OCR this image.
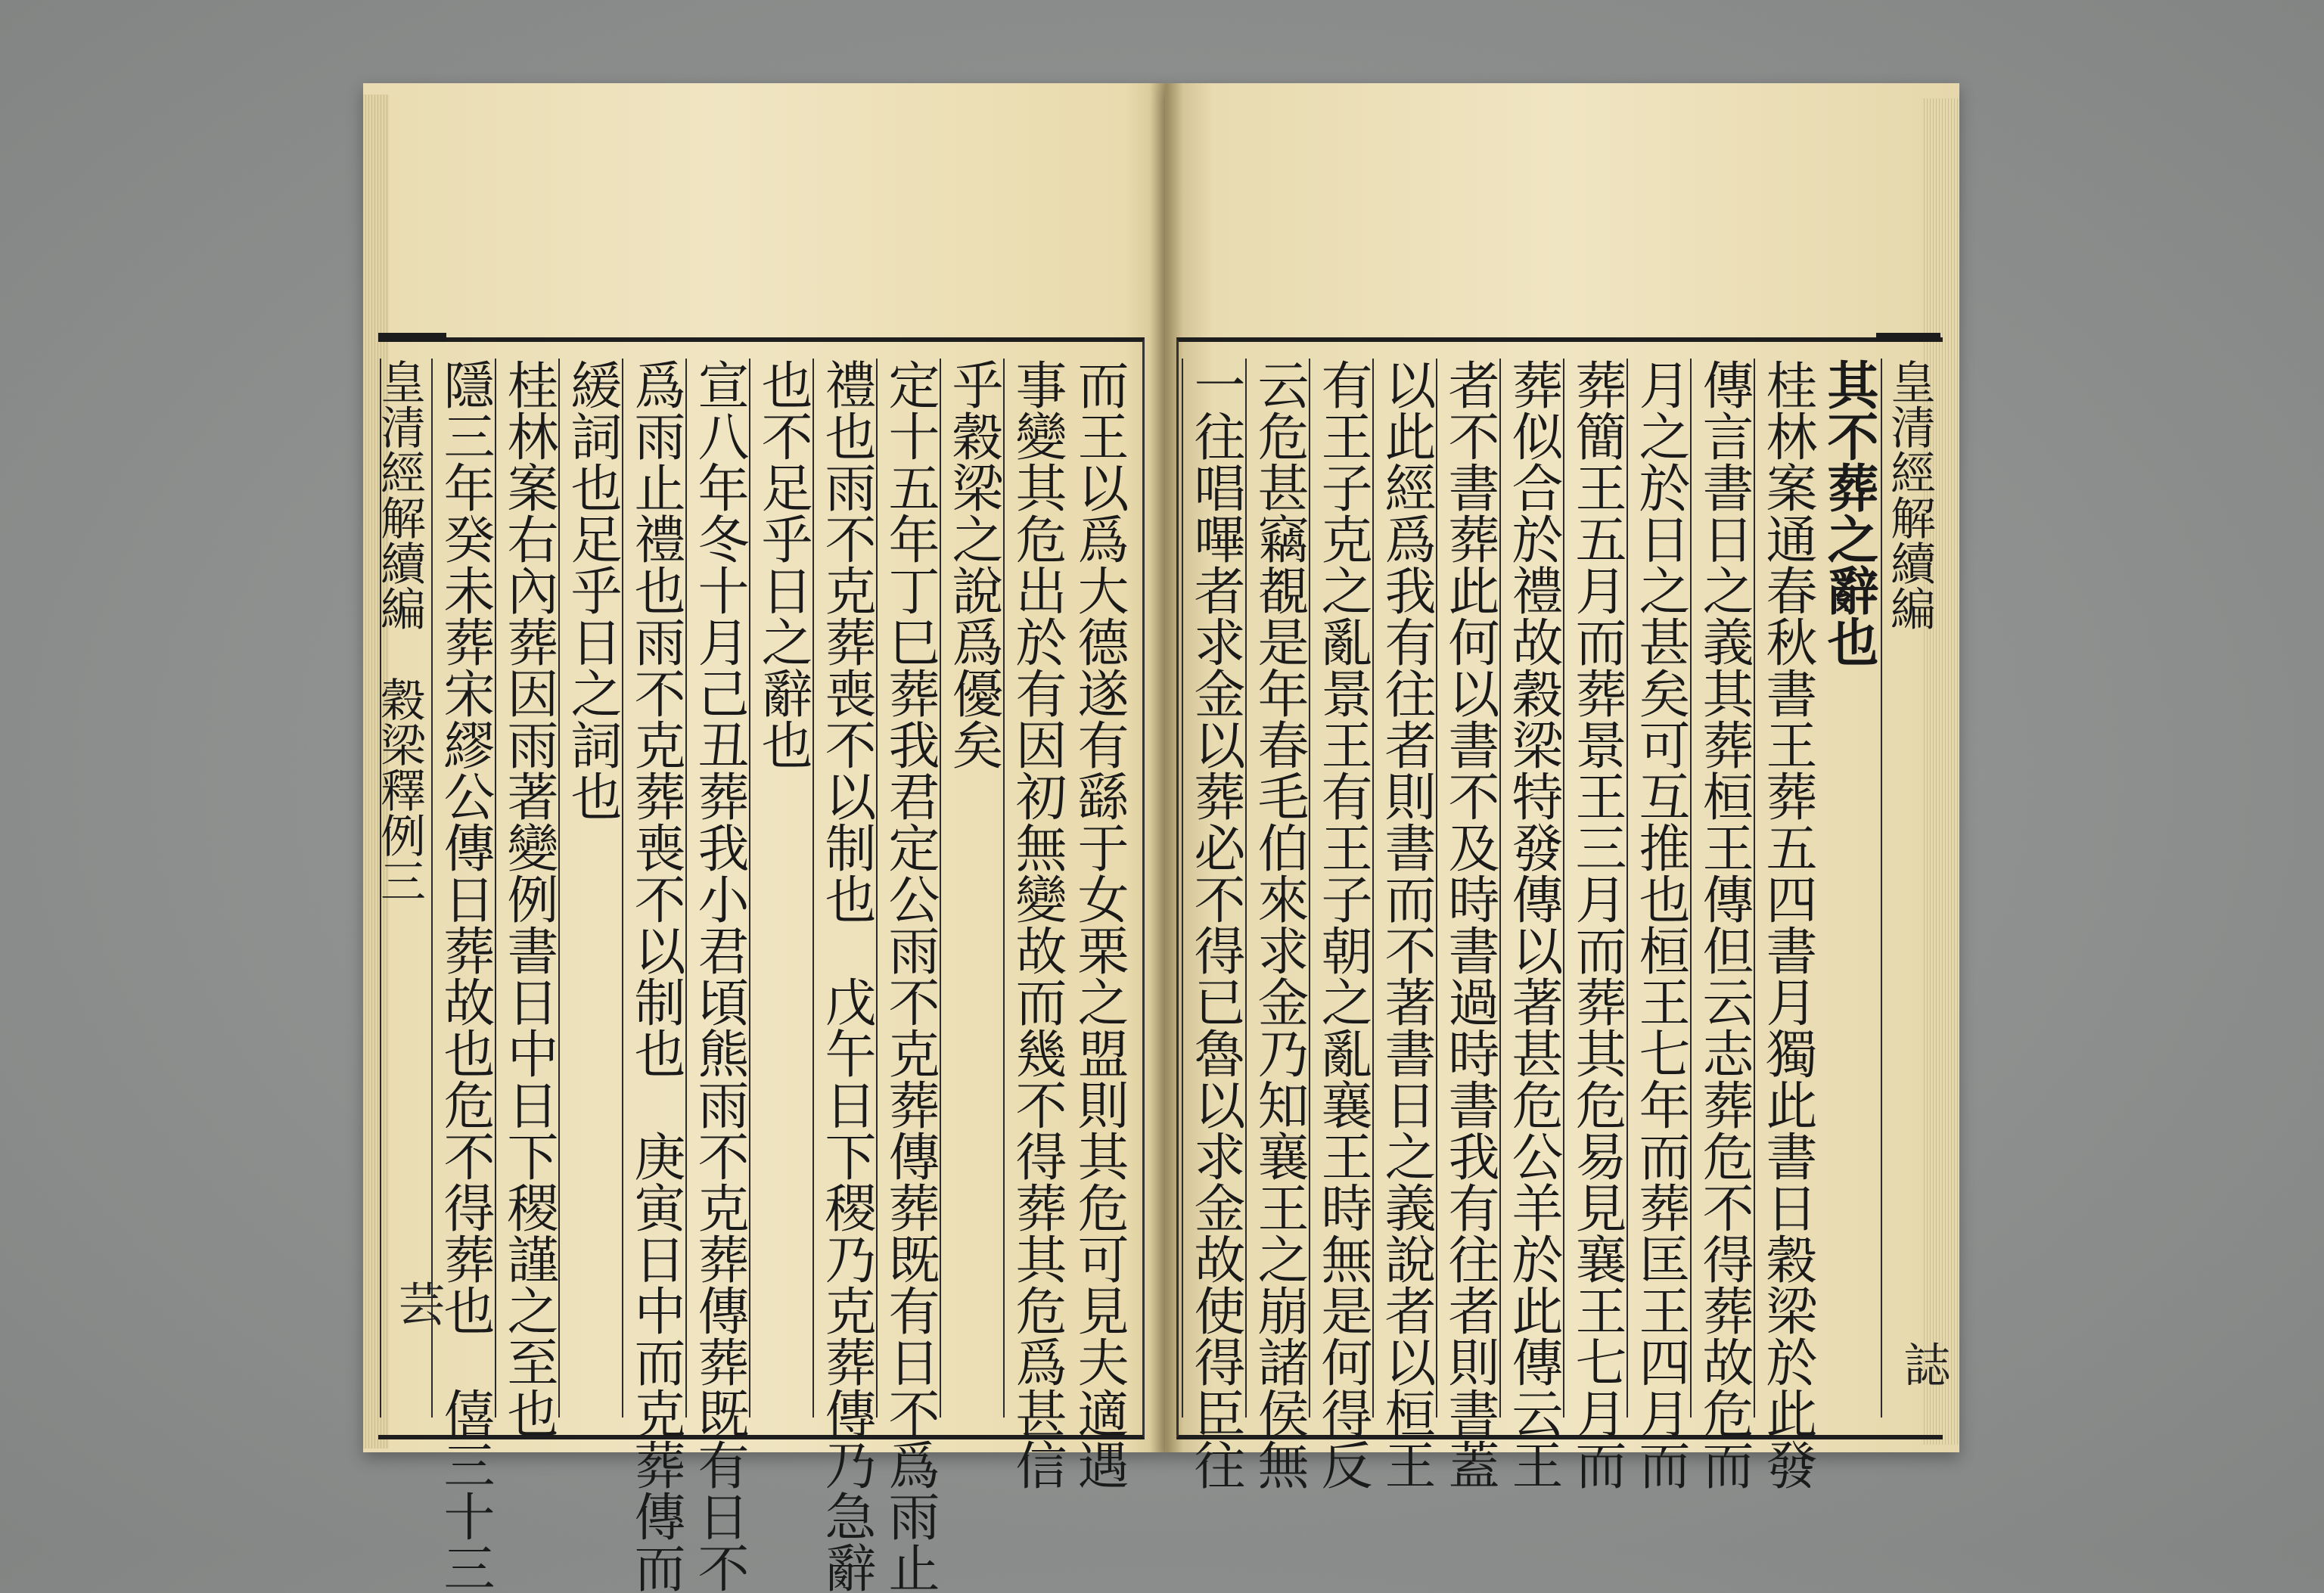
而王以爲大德遂有繇于女栗之盟則其危可見夫適遇
事變其危出於有因初無變故而幾不得葬其危爲甚信
乎穀梁之說爲優矣
定十五年丁巳葬我君定公雨不克葬傳葬既有日不爲雨止
禮也雨不克葬喪不以制也　戊午日下稷乃克葬傳乃急辭
也不足乎日之辭也
宣八年冬十月己丑葬我小君頃熊雨不克葬傳葬既有日不
爲雨止禮也雨不克葬喪不以制也　庚寅日中而克葬傳而
緩詞也足乎日之詞也
桂林案右內葬因雨著變例書日中日下稷謹之至也
隱三年癸未葬宋繆公傳日葬故也危不得葬也　僖三十三
皇清經解續編　穀梁釋例三
芸
皇清經解續編
其不葬之辭也
桂林案通春秋書王葬五四書月獨此書日穀梁於此發
傳言書日之義其葬桓王傳但云志葬危不得葬故危而
月之於日之甚矣可互推也桓王七年而葬匡王四月而
葬簡王五月而葬景王三月而葬其危易見襄王七月而
葬似合於禮故穀梁特發傳以著甚危公羊於此傳云王
者不書葬此何以書不及時書過時書我有往者則書蓋
以此經爲我有往者則書而不著書日之義說者以桓王
有王子克之亂景王有王子朝之亂襄王時無是何得反
云危甚竊覩是年春毛伯來求金乃知襄王之崩諸侯無
一往唱嗶者求金以葬必不得已魯以求金故使得臣往	誌
